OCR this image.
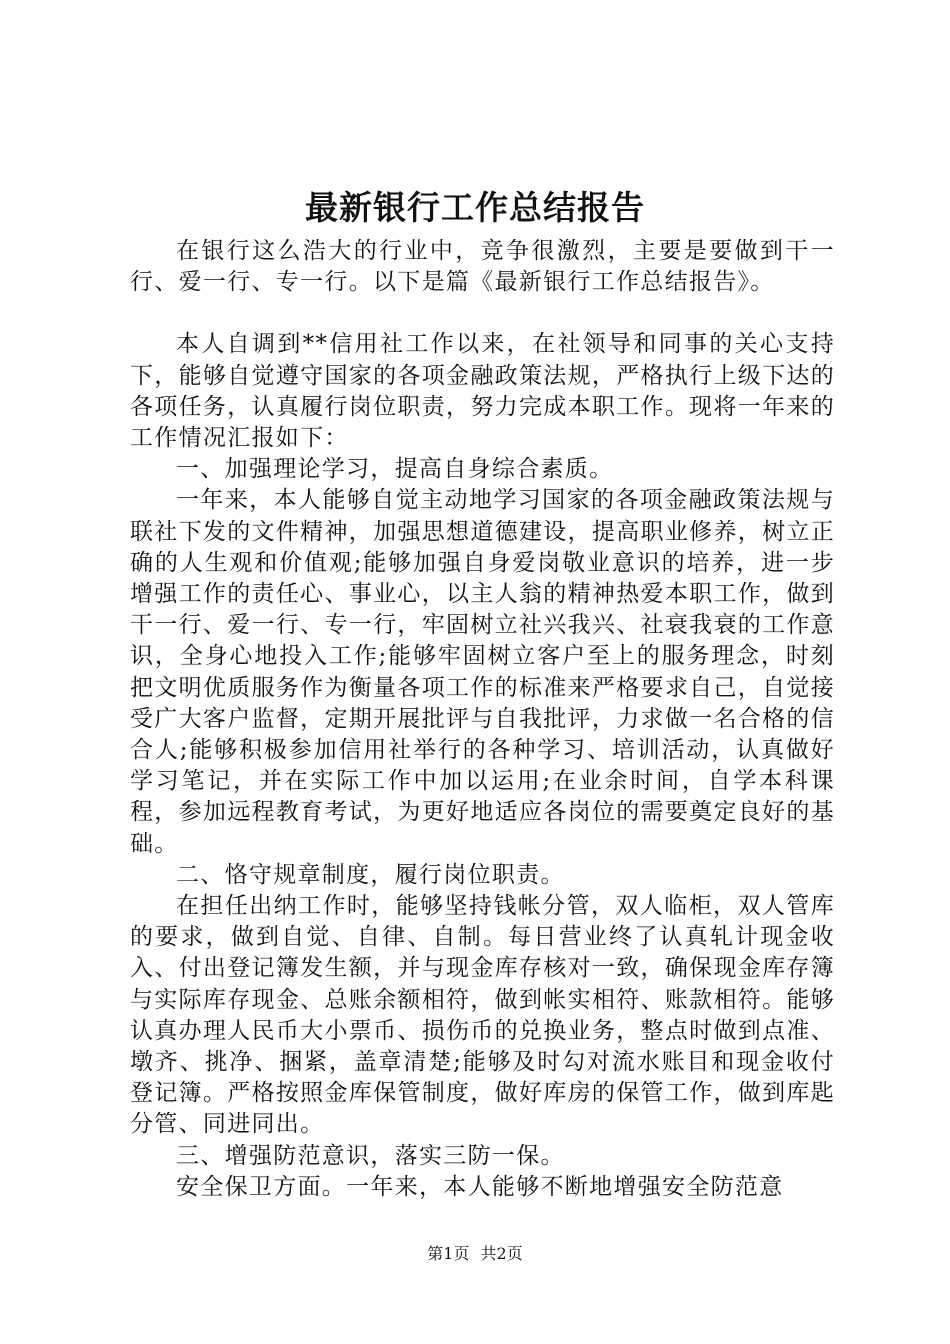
最新银行工作总结报告

在银行这么浩大的行业中，竞争很激烈，主要是要做到干一行、爱一行、专一行。以下是篇《最新银行工作总结报告》。

本人自调到**信用社工作以来，在社领导和同事的关心支持下，能够自觉遵守国家的各项金融政策法规，严格执行上级下达的各项任务，认真履行岗位职责，努力完成本职工作。现将一年来的工作情况汇报如下：

一、加强理论学习，提高自身综合素质。

一年来，本人能够自觉主动地学习国家的各项金融政策法规与联社下发的文件精神，加强思想道德建设，提高职业修养，树立正确的人生观和价值观;能够加强自身爱岗敬业意识的培养，进一步增强工作的责任心、事业心，以主人翁的精神热爱本职工作，做到干一行、爱一行、专一行，牢固树立社兴我兴、社衰我衰的工作意识，全身心地投入工作;能够牢固树立客户至上的服务理念，时刻把文明优质服务作为衡量各项工作的标准来严格要求自己，自觉接受广大客户监督，定期开展批评与自我批评，力求做一名合格的信合人;能够积极参加信用社举行的各种学习、培训活动，认真做好学习笔记，并在实际工作中加以运用;在业余时间，自学本科课程，参加远程教育考试，为更好地适应各岗位的需要奠定良好的基础。

二、恪守规章制度，履行岗位职责。

在担任出纳工作时，能够坚持钱帐分管，双人临柜，双人管库的要求，做到自觉、自律、自制。每日营业终了认真轧计现金收入、付出登记簿发生额，并与现金库存核对一致，确保现金库存簿与实际库存现金、总账余额相符，做到帐实相符、账款相符。能够认真办理人民币大小票币、损伤币的兑换业务，整点时做到点准、墩齐、挑净、捆紧，盖章清楚;能够及时勾对流水账目和现金收付登记簿。严格按照金库保管制度，做好库房的保管工作，做到库匙分管、同进同出。

三、增强防范意识，落实三防一保。

安全保卫方面。一年来，本人能够不断地增强安全防范意

第1页 共2页
